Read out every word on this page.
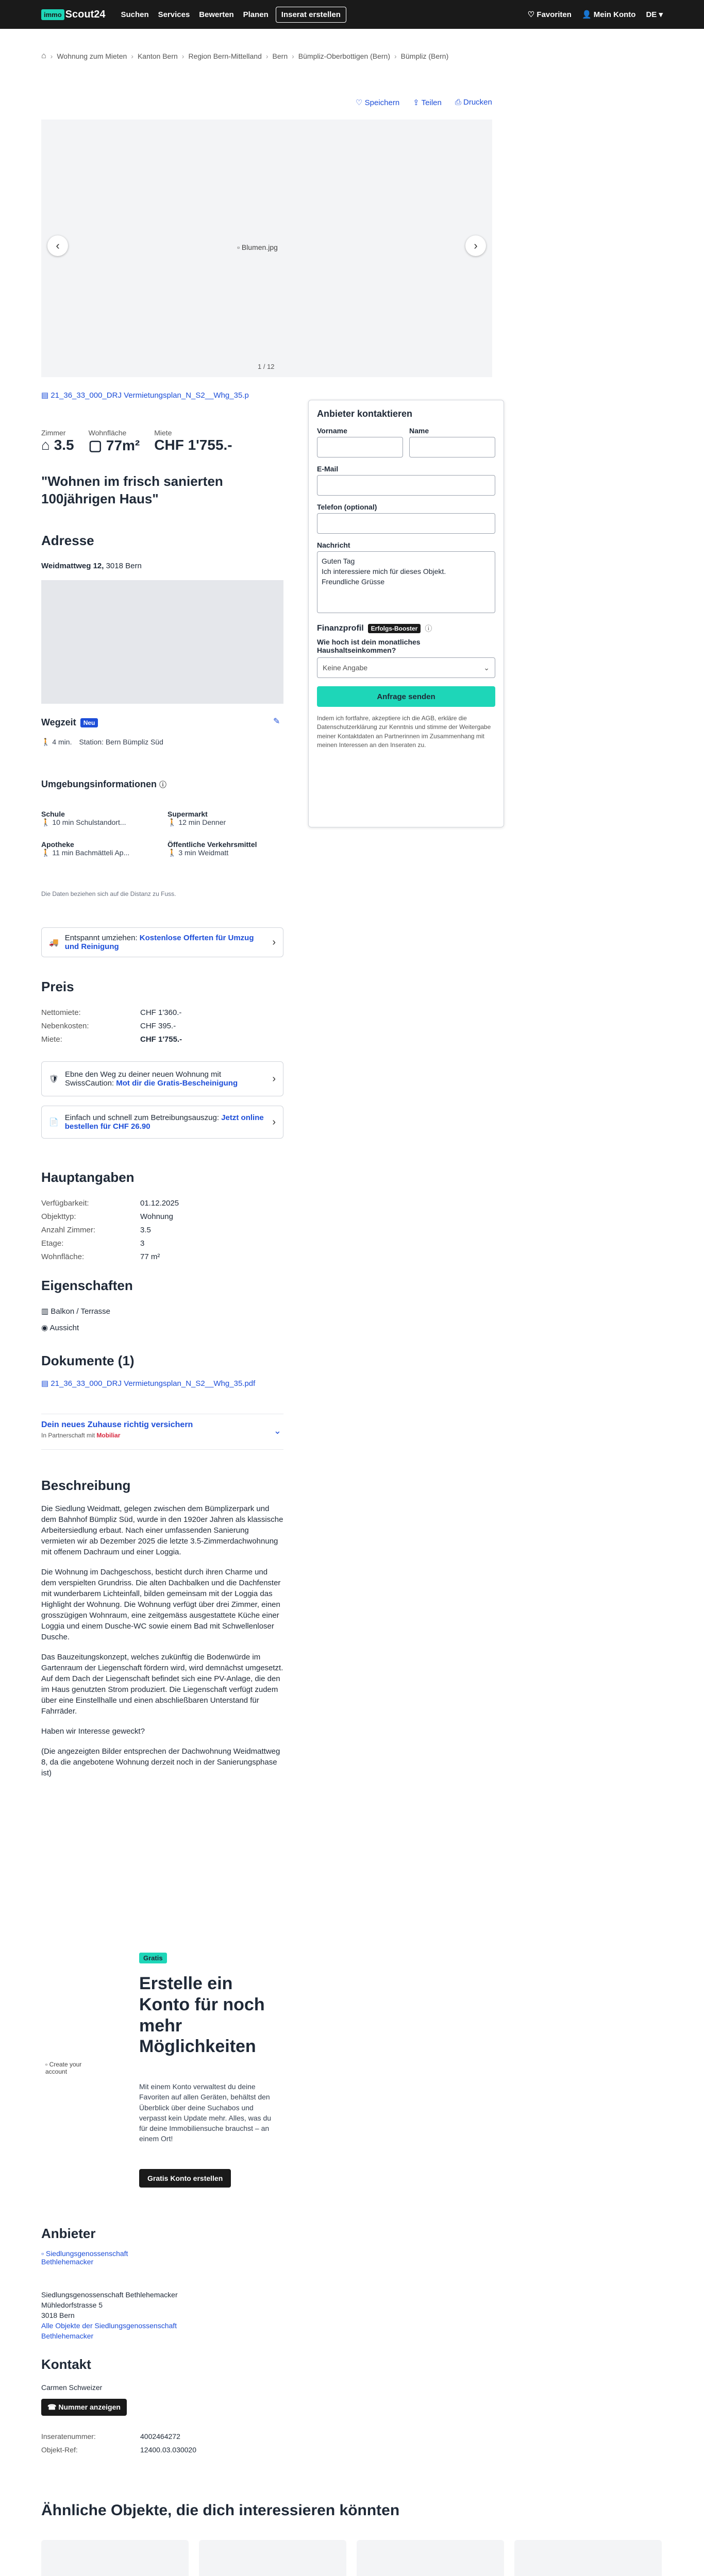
immo Scout24 Suchen Services Bewerten Planen	Inserat erstellen	♡ Favoriten 👤 Mein Konto DE ▾
⌂ › Wohnung zum Mieten › Kanton Bern › Region Bern-Mittelland › Bern › Bümpliz-Oberbottigen (Bern) › Bümpliz (Bern)
♡ Speichern ⇪ Teilen ⎙ Drucken
▫ Blumen.jpg
‹	›
1 / 12
▤ 21_36_33_000_DRJ Vermietungsplan_N_S2__Whg_35.p
Zimmer
⌂ 3.5
Wohnfläche
▢ 77m²
Miete
CHF 1'755.-
"Wohnen im frisch sanierten 100jährigen Haus"
Adresse
Weidmattweg 12, 3018 Bern
Wegzeit	Neu	✎
🚶 4 min. Station: Bern Bümpliz Süd
Umgebungsinformationen ⓘ
Schule
🚶 10 min Schulstandort...
Supermarkt
🚶 12 min Denner
Apotheke
🚶 11 min Bachmätteli Ap...
Öffentliche Verkehrsmittel
🚶 3 min Weidmatt
Die Daten beziehen sich auf die Distanz zu Fuss.
🚚
Entspannt umziehen: Kostenlose Offerten für Umzug und Reinigung	›
Preis
Nettomiete:	CHF 1'360.-
Nebenkosten:	CHF 395.-
Miete:	CHF 1'755.-
🛡
Ebne den Weg zu deiner neuen Wohnung mit SwissCaution: Mot dir die Gratis-Bescheinigung	›
📄
Einfach und schnell zum Betreibungsauszug: Jetzt online bestellen für CHF 26.90	›
Hauptangaben
Verfügbarkeit:	01.12.2025
Objekttyp:	Wohnung
Anzahl Zimmer:	3.5
Etage:	3
Wohnfläche:	77 m²
Eigenschaften
▥ Balkon / Terrasse
◉ Aussicht
Dokumente (1)
▤ 21_36_33_000_DRJ Vermietungsplan_N_S2__Whg_35.pdf
Dein neues Zuhause richtig versichern
In Partnerschaft mit Mobiliar	⌄
Beschreibung

Die Siedlung Weidmatt, gelegen zwischen dem Bümplizerpark und dem Bahnhof Bümpliz Süd, wurde in den 1920er Jahren als klassische Arbeitersiedlung erbaut. Nach einer umfassenden Sanierung vermieten wir ab Dezember 2025 die letzte 3.5-Zimmerdachwohnung mit offenem Dachraum und einer Loggia.

Die Wohnung im Dachgeschoss, besticht durch ihren Charme und dem verspielten Grundriss. Die alten Dachbalken und die Dachfenster mit wunderbarem Lichteinfall, bilden gemeinsam mit der Loggia das Highlight der Wohnung. Die Wohnung verfügt über drei Zimmer, einen grosszügigen Wohnraum, eine zeitgemäss ausgestattete Küche einer Loggia und einem Dusche-WC sowie einem Bad mit Schwellenloser Dusche.

Das Bauzeitungskonzept, welches zukünftig die Bodenwürde im Gartenraum der Liegenschaft fördern wird, wird demnächst umgesetzt. Auf dem Dach der Liegenschaft befindet sich eine PV-Anlage, die den im Haus genutzten Strom produziert. Die Liegenschaft verfügt zudem über eine Einstellhalle und einen abschließbaren Unterstand für Fahrräder.

Haben wir Interesse geweckt?

(Die angezeigten Bilder entsprechen der Dachwohnung Weidmattweg 8, da die angebotene Wohnung derzeit noch in der Sanierungsphase ist)

▫ Create your account
Gratis
Erstelle ein Konto für noch mehr Möglichkeiten
Mit einem Konto verwaltest du deine Favoriten auf allen Geräten, behältst den Überblick über deine Suchabos und verpasst kein Update mehr. Alles, was du für deine Immobiliensuche brauchst – an einem Ort!
Gratis Konto erstellen
Anbieter
▫ Siedlungsgenossenschaft Bethlehemacker
Siedlungsgenossenschaft Bethlehemacker
Mühledorfstrasse 5
3018 Bern
Alle Objekte der Siedlungsgenossenschaft Bethlehemacker
Kontakt
Carmen Schweizer
☎ Nummer anzeigen
Inseratenummer:	4002464272
Objekt-Ref:	12400.03.030020
Ähnliche Objekte, die dich interessieren könnten
Anbieter kontaktieren
Vorname	Name
E-Mail
Telefon (optional)
Nachricht
Guten Tag
Ich interessiere mich für dieses Objekt.
Freundliche Grüsse
Finanzprofil	Erfolgs-Booster	ⓘ
Wie hoch ist dein monatliches Haushaltseinkommen?
Keine Angabe	⌄
Anfrage senden
Indem ich fortfahre, akzeptiere ich die AGB, erkläre die Datenschutzerklärung zur Kenntnis und stimme der Weitergabe meiner Kontaktdaten an Partnerinnen im Zusammenhang mit meinen Interessen an den Inseraten zu.
